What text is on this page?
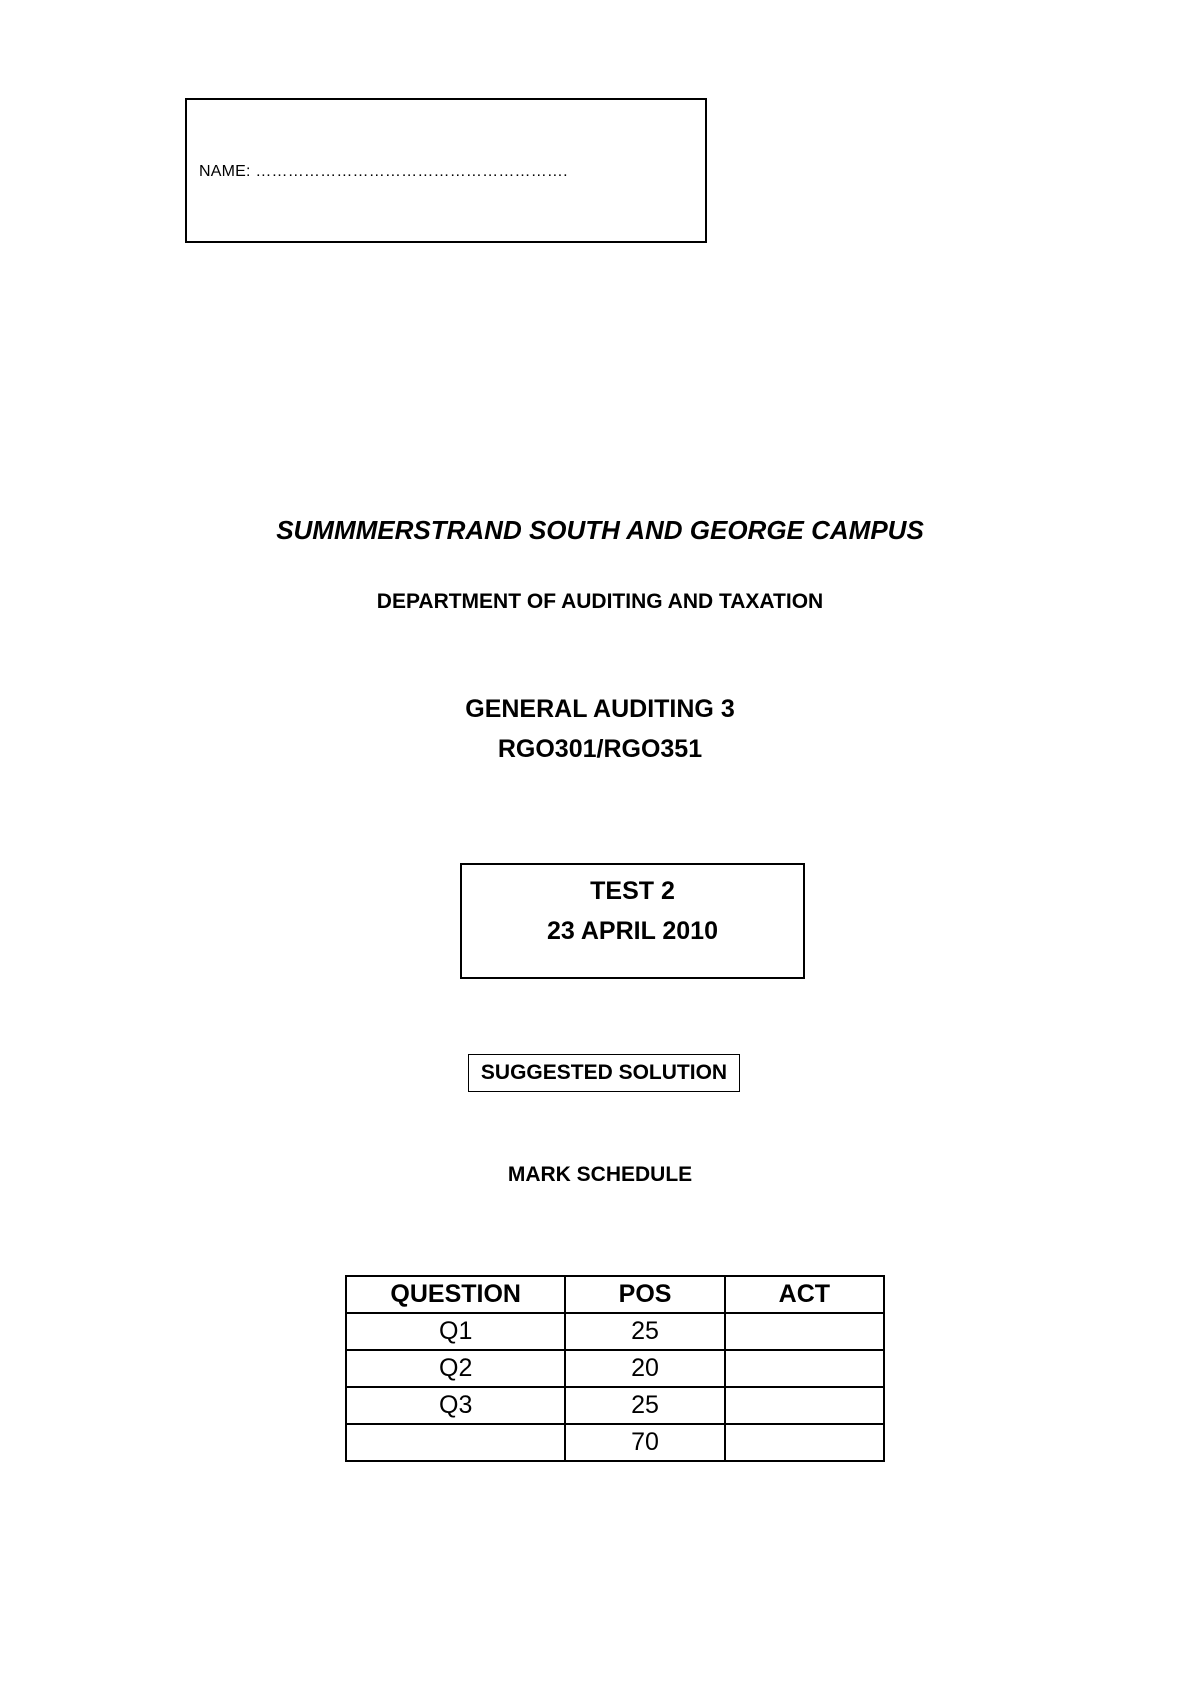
NAME: ………………………………………………….
SUMMMERSTRAND SOUTH AND GEORGE CAMPUS
DEPARTMENT OF AUDITING AND TAXATION
GENERAL AUDITING 3
RGO301/RGO351
TEST 2
23 APRIL 2010
SUGGESTED SOLUTION
MARK SCHEDULE
QUESTION	POS	ACT
Q1	25	
Q2	20	
Q3	25	
	70	
